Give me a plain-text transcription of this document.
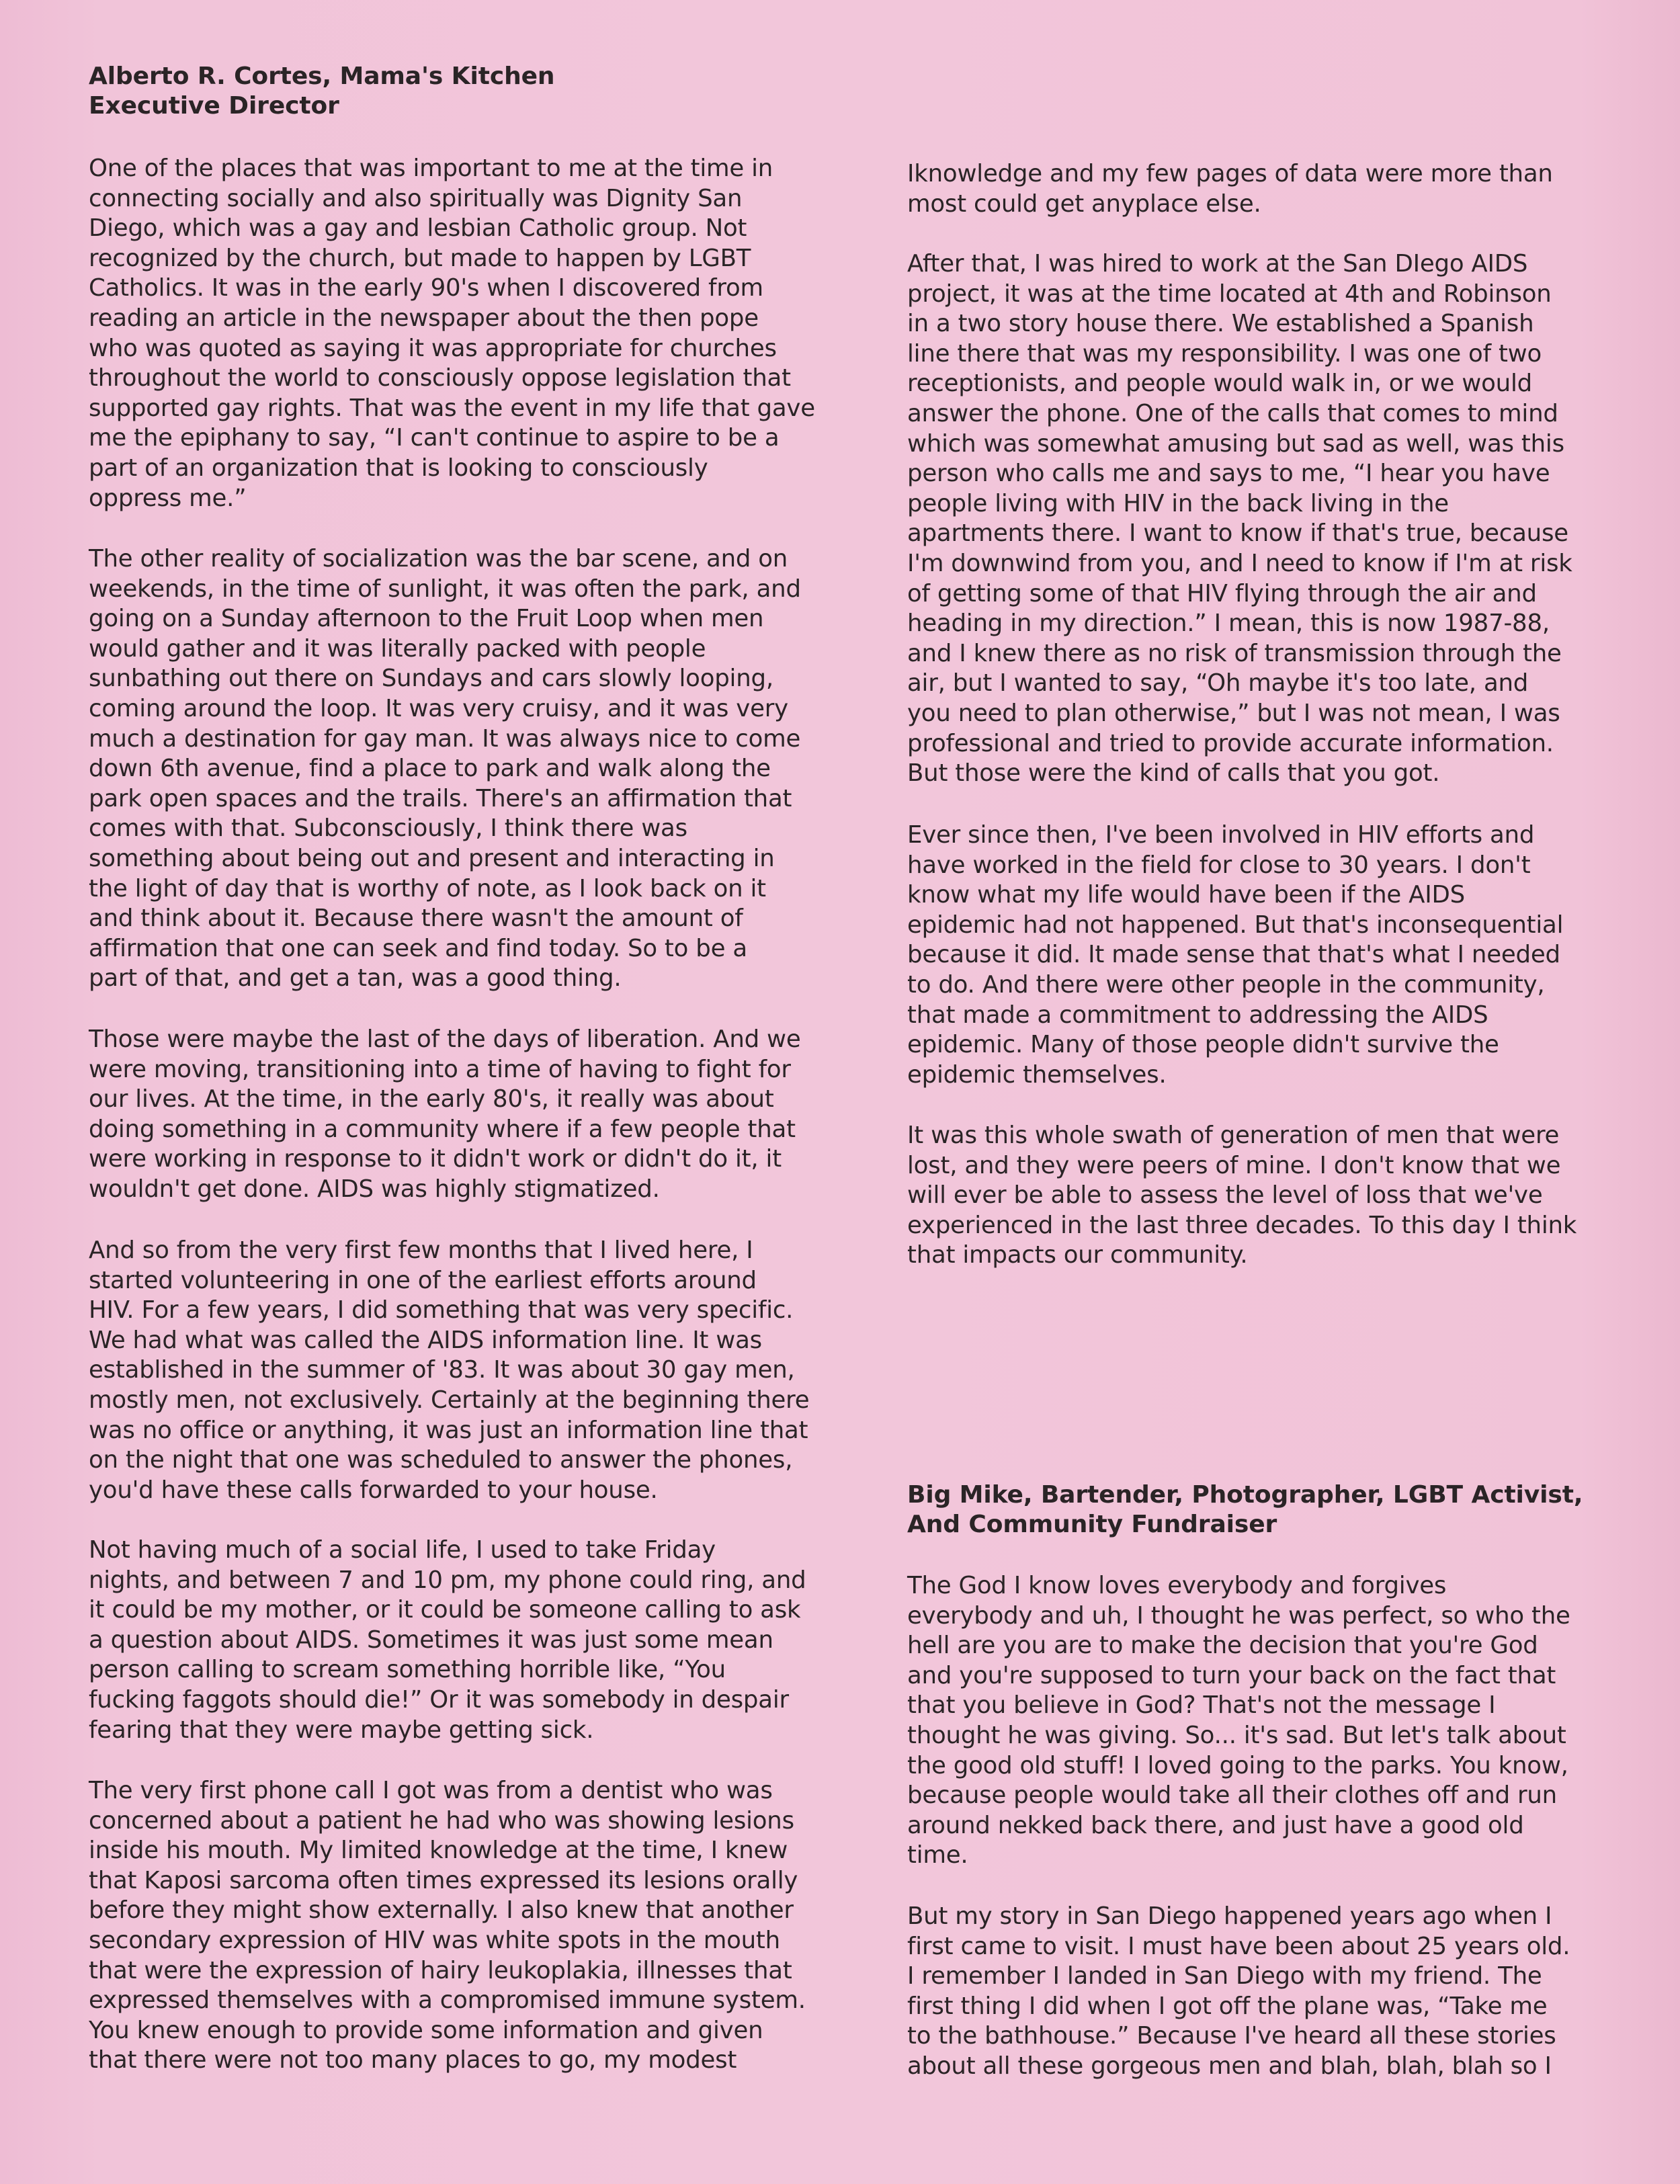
Alberto R. Cortes, Mama's Kitchen
Executive Director
One of the places that was important to me at the time in
connecting socially and also spiritually was Dignity San
Diego, which was a gay and lesbian Catholic group. Not
recognized by the church, but made to happen by LGBT
Catholics. It was in the early 90's when I discovered from
reading an article in the newspaper about the then pope
who was quoted as saying it was appropriate for churches
throughout the world to consciously oppose legislation that
supported gay rights. That was the event in my life that gave
me the epiphany to say, “I can't continue to aspire to be a
part of an organization that is looking to consciously
oppress me.”
The other reality of socialization was the bar scene, and on
weekends, in the time of sunlight, it was often the park, and
going on a Sunday afternoon to the Fruit Loop when men
would gather and it was literally packed with people
sunbathing out there on Sundays and cars slowly looping,
coming around the loop. It was very cruisy, and it was very
much a destination for gay man. It was always nice to come
down 6th avenue, find a place to park and walk along the
park open spaces and the trails. There's an affirmation that
comes with that. Subconsciously, I think there was
something about being out and present and interacting in
the light of day that is worthy of note, as I look back on it
and think about it. Because there wasn't the amount of
affirmation that one can seek and find today. So to be a
part of that, and get a tan, was a good thing.
Those were maybe the last of the days of liberation. And we
were moving, transitioning into a time of having to fight for
our lives. At the time, in the early 80's, it really was about
doing something in a community where if a few people that
were working in response to it didn't work or didn't do it, it
wouldn't get done. AIDS was highly stigmatized.
And so from the very first few months that I lived here, I
started volunteering in one of the earliest efforts around
HIV. For a few years, I did something that was very specific.
We had what was called the AIDS information line. It was
established in the summer of '83. It was about 30 gay men,
mostly men, not exclusively. Certainly at the beginning there
was no office or anything, it was just an information line that
on the night that one was scheduled to answer the phones,
you'd have these calls forwarded to your house.
Not having much of a social life, I used to take Friday
nights, and between 7 and 10 pm, my phone could ring, and
it could be my mother, or it could be someone calling to ask
a question about AIDS. Sometimes it was just some mean
person calling to scream something horrible like, “You
fucking faggots should die!” Or it was somebody in despair
fearing that they were maybe getting sick.
The very first phone call I got was from a dentist who was
concerned about a patient he had who was showing lesions
inside his mouth. My limited knowledge at the time, I knew
that Kaposi sarcoma often times expressed its lesions orally
before they might show externally. I also knew that another
secondary expression of HIV was white spots in the mouth
that were the expression of hairy leukoplakia, illnesses that
expressed themselves with a compromised immune system.
You knew enough to provide some information and given
that there were not too many places to go, my modest
Iknowledge and my few pages of data were more than
most could get anyplace else.
After that, I was hired to work at the San DIego AIDS
project, it was at the time located at 4th and Robinson
in a two story house there. We established a Spanish
line there that was my responsibility. I was one of two
receptionists, and people would walk in, or we would
answer the phone. One of the calls that comes to mind
which was somewhat amusing but sad as well, was this
person who calls me and says to me, “I hear you have
people living with HIV in the back living in the
apartments there. I want to know if that's true, because
I'm downwind from you, and I need to know if I'm at risk
of getting some of that HIV flying through the air and
heading in my direction.” I mean, this is now 1987-88,
and I knew there as no risk of transmission through the
air, but I wanted to say, “Oh maybe it's too late, and
you need to plan otherwise,” but I was not mean, I was
professional and tried to provide accurate information.
But those were the kind of calls that you got.
Ever since then, I've been involved in HIV efforts and
have worked in the field for close to 30 years. I don't
know what my life would have been if the AIDS
epidemic had not happened. But that's inconsequential
because it did. It made sense that that's what I needed
to do. And there were other people in the community,
that made a commitment to addressing the AIDS
epidemic. Many of those people didn't survive the
epidemic themselves.
It was this whole swath of generation of men that were
lost, and they were peers of mine. I don't know that we
will ever be able to assess the level of loss that we've
experienced in the last three decades. To this day I think
that impacts our community.
Big Mike, Bartender, Photographer, LGBT Activist,
And Community Fundraiser
The God I know loves everybody and forgives
everybody and uh, I thought he was perfect, so who the
hell are you are to make the decision that you're God
and you're supposed to turn your back on the fact that
that you believe in God? That's not the message I
thought he was giving. So... it's sad. But let's talk about
the good old stuff! I loved going to the parks. You know,
because people would take all their clothes off and run
around nekked back there, and just have a good old
time.
But my story in San Diego happened years ago when I
first came to visit. I must have been about 25 years old.
I remember I landed in San Diego with my friend. The
first thing I did when I got off the plane was, “Take me
to the bathhouse.” Because I've heard all these stories
about all these gorgeous men and blah, blah, blah so I
